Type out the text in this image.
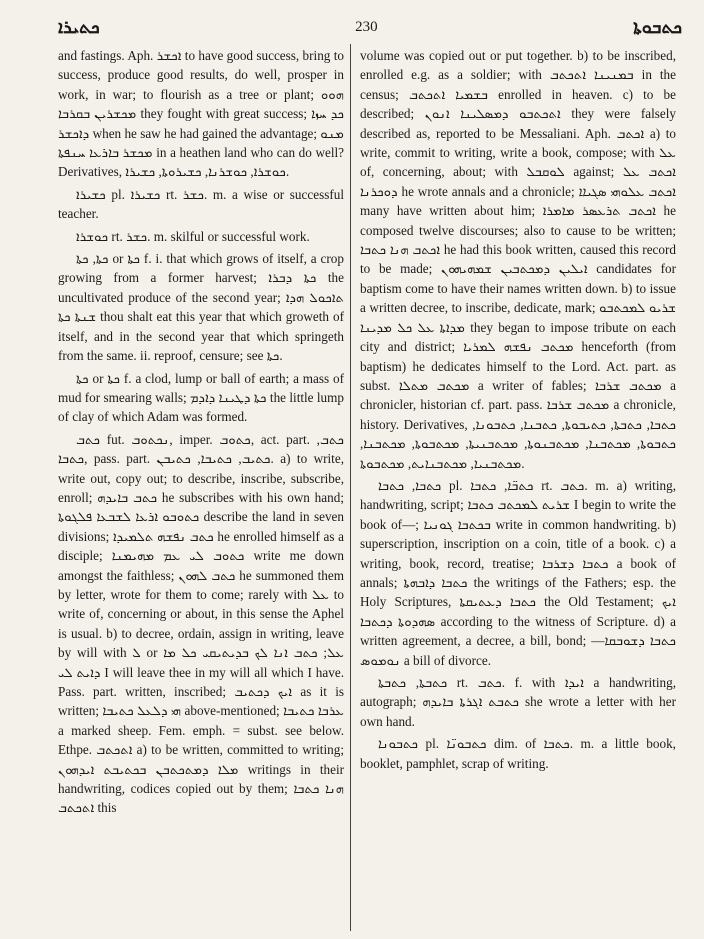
ܟܬܝܪܐ	230	ܟܬܒܘܬܐ

and fastings. Aph. ܐܟܫܪ to have good success, bring to success, produce good results, do well, prosper in work, in war; to flourish as a tree or plant; ܗܘܘ ܡܟܫܪܝܢ ܒܩܪܒܐ they fought with great success; ܟܕ ܚܙܐ ܕܐܟܫܪ when he saw he had gained the advantage; ܡܢܘ ܡܟܫܪ ܒܐܪܥܐ ܚܢܦܬܐ in a heathen land who can do well? Derivatives, ܟܘܫܪܐ, ܟܘܫܪܢܐ, ܟܫܝܪܘܬܐ, ܟܫܝܪܐ.

ܟܫܝܪܐ pl. ܟܫܝܪܐ rt. ܟܫܪ. m. a wise or successful teacher.

ܟܘܫܪܐ rt. ܟܫܪ. m. skilful or successful work.

ܟܬܐ, ܟܬܐ or ܟܬܐ f. i. that which grows of itself, a crop growing from a former harvest; ܟܬܐ ܕܒܪܐ the uncultivated produce of the second year; ܬܐܟܘܠ ܗܕܐ ܫܢܬܐ ܟܬܐ thou shalt eat this year that which groweth of itself, and in the second year that which springeth from the same. ii. reproof, censure; see ܟܬܐ.

ܟܬܐ or ܟܬܐ f. a clod, lump or ball of earth; a mass of mud for smearing walls; ܟܬܐ ܕܛܝܢܐ ܕܐܕܡ the little lump of clay of which Adam was formed.

ܟܬܒ fut. ܢܟܬܘܒ, imper. ܟܬܘܒ, act. part. ܟܬܒ, ܟܬܒܐ, pass. part. ܟܬܝܒ, ܟܬܝܒܐ, ܟܬܝܒܢ. a) to write, write out, copy out; to describe, inscribe, subscribe, enroll; ܟܬܒ ܒܐܝܕܗ he subscribes with his own hand; ܟܬܘܒܘ ܐܪܥܐ ܠܫܒܥܐ ܦܠܓܘܬܐ describe the land in seven divisions; ܟܬܒ ܢܦܫܗ ܬܠܡܝܕܐ he enrolled himself as a disciple; ܟܬܘܒ ܠܝ ܥܡ ܡܗܝܡܢܐ write me down amongst the faithless; ܟܬܒ ܠܗܘܢ he summoned them by letter, wrote for them to come; rarely with ܥܠ to write of, concerning or about, in this sense the Aphel is usual. b) to decree, ordain, assign in writing, leave by will with ܠ or ܥܠ; ܟܬܒ ܐܢܐ ܠܟ ܒܕܝܬܝܩܝ ܟܠ ܡܐ ܕܐܝܬ ܠܝ I will leave thee in my will all which I have. Pass. part. written, inscribed; ܐܝܟ ܕܟܬܝܒ as it is written; ܗܝ ܕܠܥܠ ܟܬܝܒܐ above-mentioned; ܥܪܒܐ ܟܬܝܒܐ a marked sheep. Fem. emph. = subst. see below. Ethpe. ܐܬܟܬܒ a) to be written, committed to writing; ܡܠܐ ܕܡܬܟܬܒܢ ܒܟܬܝܒܬ ܐܝܕܗܘܢ writings in their handwriting, codices copied out by them; ܗܢܐ ܟܬܒܐ ܐܬܟܬܒ this

volume was copied out or put together. b) to be inscribed, enrolled e.g. as a soldier; with ܒܡܢܝܢܐ ܐܬܟܬܒ in the census; ܒܫܡܝܐ ܐܬܟܬܒ enrolled in heaven. c) to be described; ܐܬܟܬܒܘ ܕܡܣܠܝܢܐ ܐܢܘܢ they were falsely described as, reported to be Messaliani. Aph. ܐܟܬܒ a) to write, commit to writing, write a book, compose; with ܥܠ of, concerning, about; with ܠܘܩܒܠ against; ܐܟܬܒ ܥܠ ܕܘܟܪܢܐ he wrote annals and a chronicle; ܐܟܬܒ ܥܠܘܗܝ ܣܓܝܐܐ many have written about him; ܐܟܬܒ ܬܪܥܣܪ ܡܐܡܪܐ he composed twelve discourses; also to cause to be written; ܐܟܬܒ ܗܢܐ ܟܬܒܐ he had this book written, caused this record to be made; ܐܝܠܝܢ ܕܡܟܬܒܝܢ ܫܡܗܝܗܘܢ candidates for baptism come to have their names written down. b) to issue a written decree, to inscribe, dedicate, mark; ܫܪܝܘ ܠܡܟܬܒܘ ܡܕܐܬܐ ܥܠ ܟܠ ܡܕܝܢܐ they began to impose tribute on each city and district; ܡܟܬܒ ܢܦܫܗ ܠܡܪܝܐ henceforth (from baptism) he dedicates himself to the Lord. Act. part. as subst. ܡܟܬܒ ܡܬܠܐ a writer of fables; ܡܟܬܒ ܫܪܒܐ a chronicler, historian cf. part. pass. ܡܟܬܒ ܫܪܒܐ a chronicle, history. Derivatives, ܟܬܒܐ, ܟܬܒܬܐ, ܟܬܝܒܘܬܐ, ܟܬܒܢܐ, ܟܬܒܘܢܐ, ܟܬܒܘܬܐ, ܡܟܬܒܢܐ, ܡܟܬܒܢܘܬܐ, ܡܟܬܒܢܝܬܐ, ܡܟܬܒܘܬܐ, ܡܟܬܒܢܐ, ܡܟܬܒܢܝܐ, ܡܟܬܒܢܐܝܬ, ܡܟܬܒܘܬܐ.

ܟܬܒܐ, ܟܬܒܐ pl. ܟܬܒ̈ܐ, ܟܬܒܐ rt. ܟܬܒ. m. a) writing, handwriting, script; ܫܪܝܬ ܠܡܟܬܒ ܟܬܒܐ I begin to write the book of—; ܒܟܬܒܐ ܓܘܢܝܐ write in common handwriting. b) superscription, inscription on a coin, title of a book. c) a writing, book, record, treatise; ܟܬܒܐ ܕܫܪܒܐ a book of annals; ܟܬܒܐ ܕܐܒܗܬܐ the writings of the Fathers; esp. the Holy Scriptures, ܟܬܒܐ ܕܥܬܝܩܬܐ the Old Testament; ܐܝܟ ܣܗܕܘܬܐ ܕܟܬܒܐ according to the witness of Scripture. d) a written agreement, a decree, a bill, bond; ܟܬܒܐ ܕܫܘܒܩܐ—ܢܘܡܘܣ a bill of divorce.

ܟܬܒܬܐ, ܟܬܒܬܐ rt. ܟܬܒ. f. with ܐܝܕܐ a handwriting, autograph; ܟܬܒܬ ܐܓܪܬܐ ܒܐܝܕܗ she wrote a letter with her own hand.

ܟܬܒܘܢܐ pl. ܟܬܒܘܢ̈ܐ dim. of ܟܬܒܐ. m. a little book, booklet, pamphlet, scrap of writing.
